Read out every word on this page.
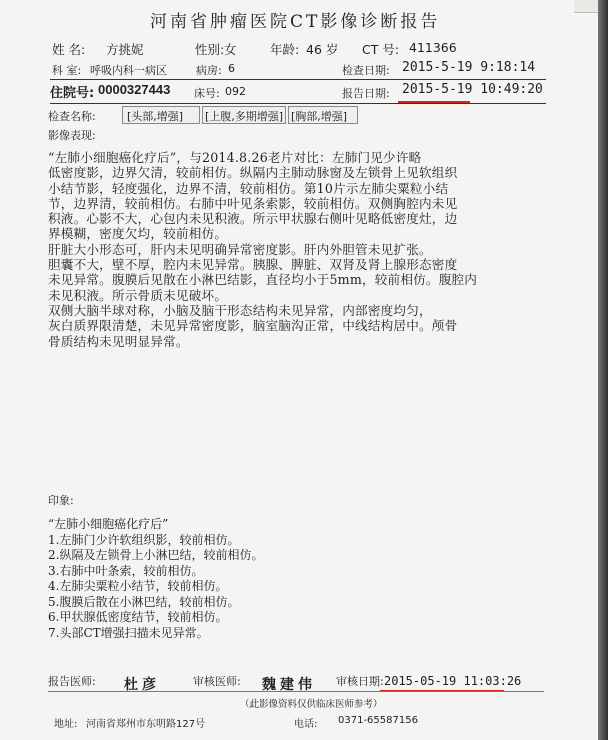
河南省肿瘤医院CT影像诊断报告
姓 名: 方挑妮	性别: 女	年龄: 46 岁 CT 号: 411366
科 室: 呼吸内科一病区	病房: 6	检查日期: 2015-5-19 9:18:14
住院号: 0000327443 床号: 092	报告日期: 2015-5-19 10:49:20
检查名称:	[头部,增强] [上腹,多期增强] [胸部,增强]
影像表现:

“左肺小细胞癌化疗后”，与2014.8.26老片对比：左肺门见少许略
低密度影，边界欠清，较前相仿。纵隔内主肺动脉窗及左锁骨上见软组织
小结节影，轻度强化，边界不清，较前相仿。第10片示左肺尖粟粒小结
节，边界清，较前相仿。右肺中叶见条索影，较前相仿。双侧胸腔内未见
积液。心影不大，心包内未见积液。所示甲状腺右侧叶见略低密度灶，边
界模糊，密度欠均，较前相仿。

肝脏大小形态可，肝内未见明确异常密度影。肝内外胆管未见扩张。
胆囊不大，壁不厚，腔内未见异常。胰腺、脾脏、双肾及肾上腺形态密度
未见异常。腹膜后见散在小淋巴结影，直径均小于5mm，较前相仿。腹腔内
未见积液。所示骨质未见破坏。

双侧大脑半球对称，小脑及脑干形态结构未见异常，内部密度均匀，
灰白质界限清楚，未见异常密度影，脑室脑沟正常，中线结构居中。颅骨
骨质结构未见明显异常。

印象:
“左肺小细胞癌化疗后”
1.左肺门少许软组织影，较前相仿。
2.纵隔及左锁骨上小淋巴结，较前相仿。
3.右肺中叶条索，较前相仿。
4.左肺尖粟粒小结节，较前相仿。
5.腹膜后散在小淋巴结，较前相仿。
6.甲状腺低密度结节，较前相仿。
7.头部CT增强扫描未见异常。
报告医师: 杜彦	审核医师: 魏建伟 审核日期: 2015-05-19 11:03:26
（此影像资料仅供临床医师参考）
地址: 河南省郑州市东明路127号	电话: 0371-65587156
